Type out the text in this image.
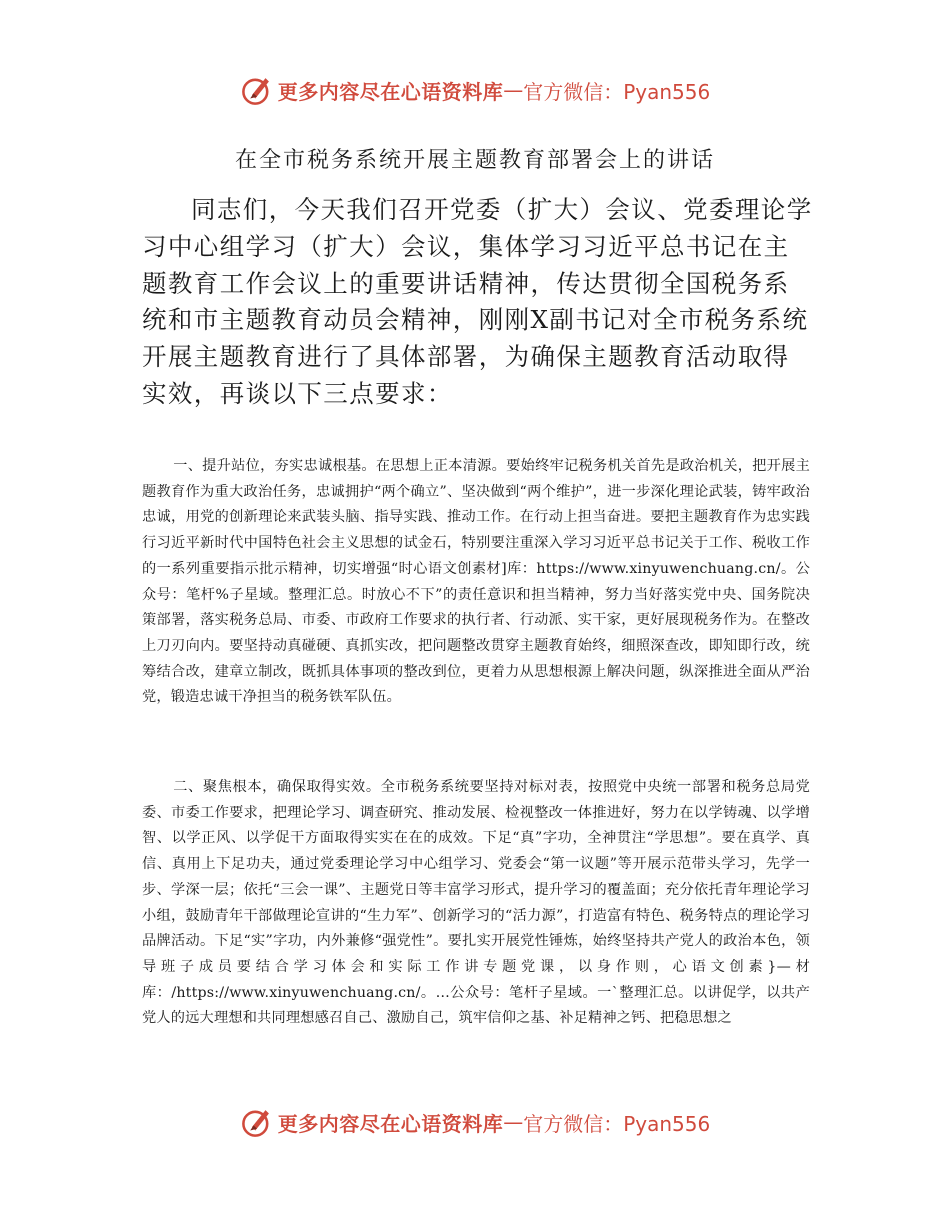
更多内容尽在心语资料库 — 官方微信：Pyan556
在全市税务系统开展主题教育部署会上的讲话

同志们，今天我们召开党委（扩大）会议、党委理论学习中心组学习（扩大）会议，集体学习习近平总书记在主题教育工作会议上的重要讲话精神，传达贯彻全国税务系统和市主题教育动员会精神，刚刚X副书记对全市税务系统开展主题教育进行了具体部署，为确保主题教育活动取得实效，再谈以下三点要求：

一、提升站位，夯实忠诚根基。在思想上正本清源。要始终牢记税务机关首先是政治机关，把开展主题教育作为重大政治任务，忠诚拥护“两个确立”、坚决做到“两个维护”，进一步深化理论武装，铸牢政治忠诚，用党的创新理论来武装头脑、指导实践、推动工作。在行动上担当奋进。要把主题教育作为忠实践行习近平新时代中国特色社会主义思想的试金石，特别要注重深入学习习近平总书记关于工作、税收工作的一系列重要指示批示精神，切实增强“时心语文创素材]库：https://www.xinyuwenchuang.cn/。公众号：笔杆%子星域。整理汇总。时放心不下”的责任意识和担当精神，努力当好落实党中央、国务院决策部署，落实税务总局、市委、市政府工作要求的执行者、行动派、实干家，更好展现税务作为。在整改上刀刃向内。要坚持动真碰硬、真抓实改，把问题整改贯穿主题教育始终，细照深查改，即知即行改，统筹结合改，建章立制改，既抓具体事项的整改到位，更着力从思想根源上解决问题，纵深推进全面从严治党，锻造忠诚干净担当的税务铁军队伍。

二、聚焦根本，确保取得实效。全市税务系统要坚持对标对表，按照党中央统一部署和税务总局党委、市委工作要求，把理论学习、调查研究、推动发展、检视整改一体推进好，努力在以学铸魂、以学增智、以学正风、以学促干方面取得实实在在的成效。下足“真”字功，全神贯注“学思想”。要在真学、真信、真用上下足功夫，通过党委理论学习中心组学习、党委会“第一议题”等开展示范带头学习，先学一步、学深一层；依托“三会一课”、主题党日等丰富学习形式，提升学习的覆盖面；充分依托青年理论学习小组，鼓励青年干部做理论宣讲的“生力军”、创新学习的“活力源”，打造富有特色、税务特点的理论学习品牌活动。下足“实”字功，内外兼修“强党性”。要扎实开展党性锤炼，始终坚持共产党人的政治本色，领导班子成员要结合学习体会和实际工作讲专题党课，以身作则，心语文创素}—材库：/https://www.xinyuwenchuang.cn/。…公众号：笔杆子星域。一`整理汇总。以讲促学，以共产党人的远大理想和共同理想感召自己、激励自己，筑牢信仰之基、补足精神之钙、把稳思想之

更多内容尽在心语资料库 — 官方微信：Pyan556
